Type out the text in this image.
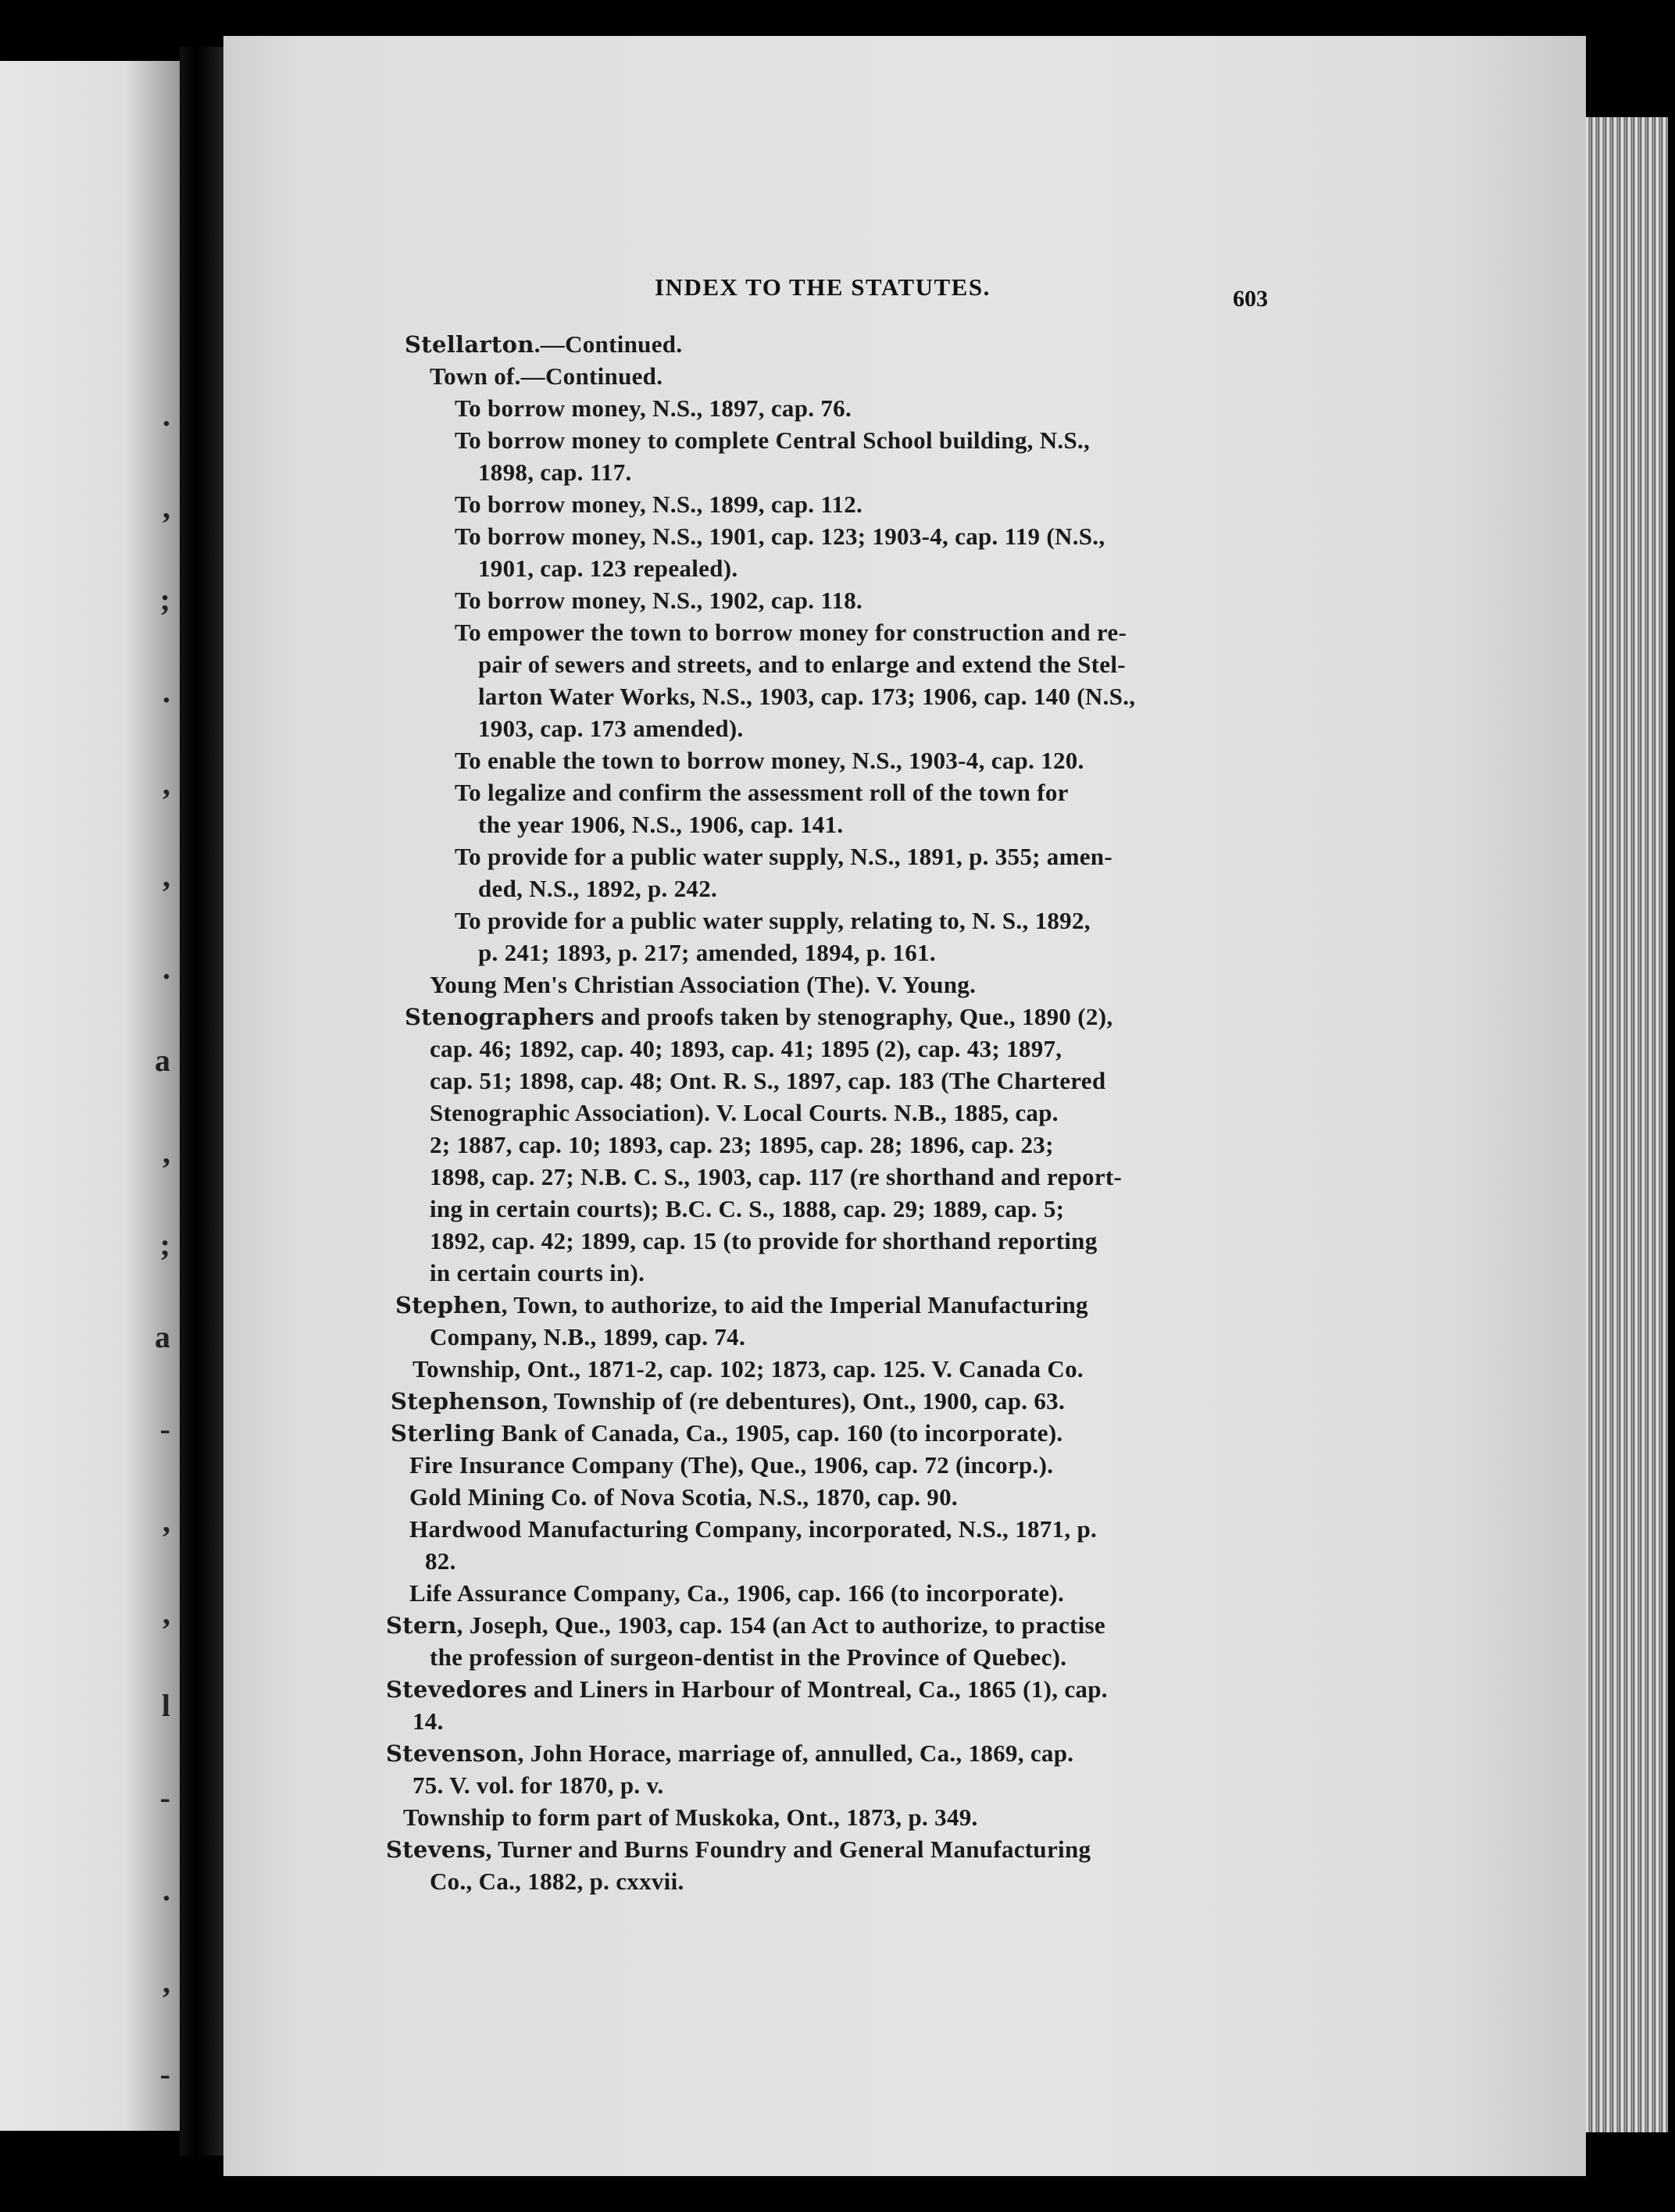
.
,
;
.
,
,
.
a
,
;
a
-
,
,
l
-
.
,
-
INDEX TO THE STATUTES.	603
Stellarton.—Continued.
Town of.—Continued.
To borrow money, N.S., 1897, cap. 76.
To borrow money to complete Central School building, N.S.,
1898, cap. 117.
To borrow money, N.S., 1899, cap. 112.
To borrow money, N.S., 1901, cap. 123; 1903-4, cap. 119 (N.S.,
1901, cap. 123 repealed).
To borrow money, N.S., 1902, cap. 118.
To empower the town to borrow money for construction and re-
pair of sewers and streets, and to enlarge and extend the Stel-
larton Water Works, N.S., 1903, cap. 173; 1906, cap. 140 (N.S.,
1903, cap. 173 amended).
To enable the town to borrow money, N.S., 1903-4, cap. 120.
To legalize and confirm the assessment roll of the town for
the year 1906, N.S., 1906, cap. 141.
To provide for a public water supply, N.S., 1891, p. 355; amen-
ded, N.S., 1892, p. 242.
To provide for a public water supply, relating to, N. S., 1892,
p. 241; 1893, p. 217; amended, 1894, p. 161.
Young Men's Christian Association (The). V. Young.
Stenographers and proofs taken by stenography, Que., 1890 (2),
cap. 46; 1892, cap. 40; 1893, cap. 41; 1895 (2), cap. 43; 1897,
cap. 51; 1898, cap. 48; Ont. R. S., 1897, cap. 183 (The Chartered
Stenographic Association). V. Local Courts. N.B., 1885, cap.
2; 1887, cap. 10; 1893, cap. 23; 1895, cap. 28; 1896, cap. 23;
1898, cap. 27; N.B. C. S., 1903, cap. 117 (re shorthand and report-
ing in certain courts); B.C. C. S., 1888, cap. 29; 1889, cap. 5;
1892, cap. 42; 1899, cap. 15 (to provide for shorthand reporting
in certain courts in).
Stephen, Town, to authorize, to aid the Imperial Manufacturing
Company, N.B., 1899, cap. 74.
Township, Ont., 1871-2, cap. 102; 1873, cap. 125. V. Canada Co.
Stephenson, Township of (re debentures), Ont., 1900, cap. 63.
Sterling Bank of Canada, Ca., 1905, cap. 160 (to incorporate).
Fire Insurance Company (The), Que., 1906, cap. 72 (incorp.).
Gold Mining Co. of Nova Scotia, N.S., 1870, cap. 90.
Hardwood Manufacturing Company, incorporated, N.S., 1871, p.
82.
Life Assurance Company, Ca., 1906, cap. 166 (to incorporate).
Stern, Joseph, Que., 1903, cap. 154 (an Act to authorize, to practise
the profession of surgeon-dentist in the Province of Quebec).
Stevedores and Liners in Harbour of Montreal, Ca., 1865 (1), cap.
14.
Stevenson, John Horace, marriage of, annulled, Ca., 1869, cap.
75. V. vol. for 1870, p. v.
Township to form part of Muskoka, Ont., 1873, p. 349.
Stevens, Turner and Burns Foundry and General Manufacturing
Co., Ca., 1882, p. cxxvii.
